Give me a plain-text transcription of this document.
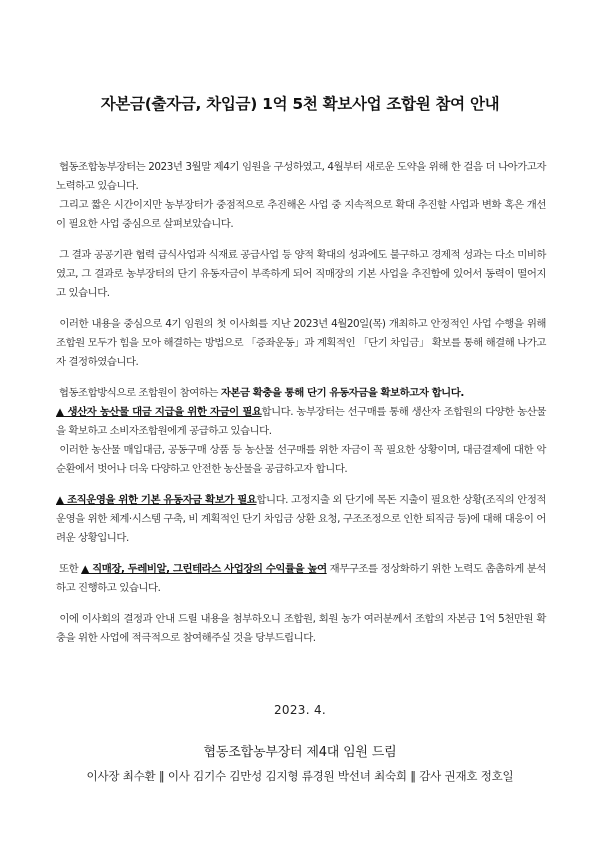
자본금(출자금, 차입금) 1억 5천 확보사업 조합원 참여 안내

협동조합농부장터는 2023년 3월말 제4기 임원을 구성하였고, 4월부터 새로운 도약을 위해 한 걸음 더 나아가고자 노력하고 있습니다.

그리고 짧은 시간이지만 농부장터가 중점적으로 추진해온 사업 중 지속적으로 확대 추진할 사업과 변화 혹은 개선이 필요한 사업 중심으로 살펴보았습니다.

그 결과 공공기관 협력 급식사업과 식재료 공급사업 등 양적 확대의 성과에도 불구하고 경제적 성과는 다소 미비하였고, 그 결과로 농부장터의 단기 유동자금이 부족하게 되어 직매장의 기본 사업을 추진함에 있어서 동력이 떨어지고 있습니다.

이러한 내용을 중심으로 4기 임원의 첫 이사회를 지난 2023년 4월20일(목) 개최하고 안정적인 사업 수행을 위해 조합원 모두가 힘을 모아 해결하는 방법으로 「증좌운동」과 계획적인 「단기 차입금」 확보를 통해 해결해 나가고자 결정하였습니다.

협동조합방식으로 조합원이 참여하는 자본금 확충을 통해 단기 유동자금을 확보하고자 합니다.

▲ 생산자 농산물 대금 지급을 위한 자금이 필요합니다. 농부장터는 선구매를 통해 생산자 조합원의 다양한 농산물을 확보하고 소비자조합원에게 공급하고 있습니다.

이러한 농산물 매입대금, 공동구매 상품 등 농산물 선구매를 위한 자금이 꼭 필요한 상황이며, 대금결제에 대한 악순환에서 벗어나 더욱 다양하고 안전한 농산물을 공급하고자 합니다.

▲ 조직운영을 위한 기본 유동자금 확보가 필요합니다. 고정지출 외 단기에 목돈 지출이 필요한 상황(조직의 안정적 운영을 위한 체계·시스템 구축, 비 계획적인 단기 차입금 상환 요청, 구조조정으로 인한 퇴직금 등)에 대해 대응이 어려운 상황입니다.

또한 ▲ 직매장, 두레비알, 그린테라스 사업장의 수익률을 높여 재무구조를 정상화하기 위한 노력도 촘촘하게 분석하고 진행하고 있습니다.

이에 이사회의 결정과 안내 드릴 내용을 첨부하오니 조합원, 회원 농가 여러분께서 조합의 자본금 1억 5천만원 확충을 위한 사업에 적극적으로 참여해주실 것을 당부드립니다.

2023. 4.
협동조합농부장터 제4대 임원 드림
이사장 최수환 ‖ 이사 김기수 김만성 김지형 류경원 박선녀 최숙희 ‖ 감사 권재호 정호일
